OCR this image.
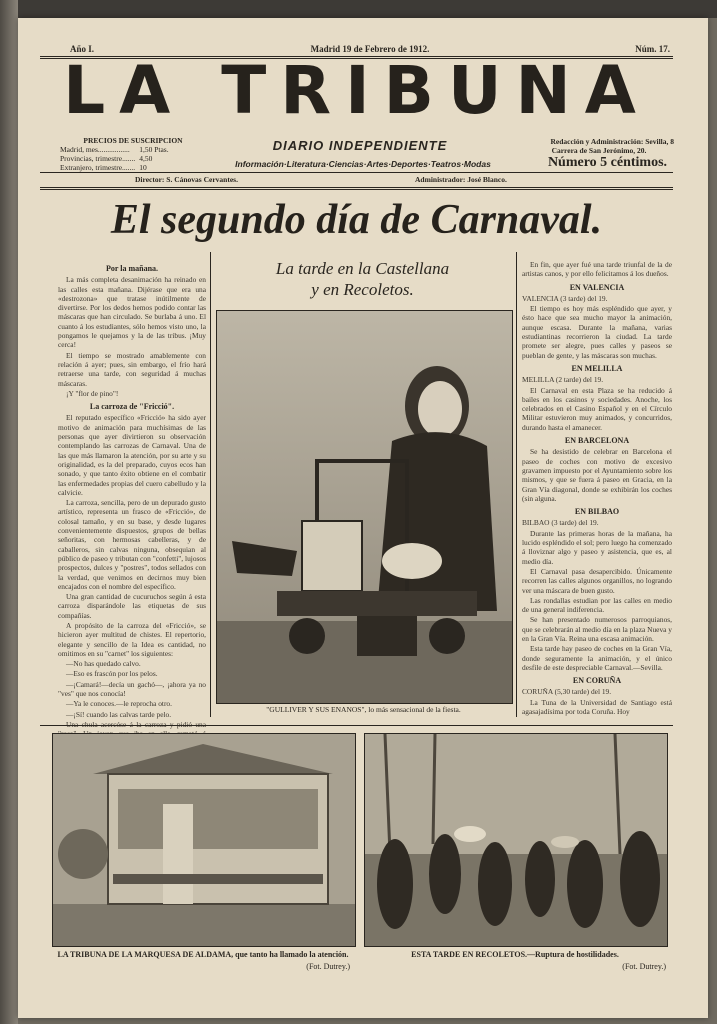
Año I.	Madrid 19 de Febrero de 1912.	Núm. 17.
LA TRIBUNA
PRECIOS DE SUSCRIPCION
Madrid, mes.................	1,50 Ptas.
Provincias, trimestre.......	4,50
Extranjero, trimestre.......	10
DIARIO INDEPENDIENTE
Información·Literatura·Ciencias·Artes·Deportes·Teatros·Modas
Redacción y Administración: Sevilla, 8
Carrera de San Jerónimo, 20.
Número 5 céntimos.
Director: S. Cánovas Cervantes.	Administrador: José Blanco.
El segundo día de Carnaval.
La tarde en la Castellana
y en Recoletos.
Por la mañana.

La más completa desanimación ha reinado en las calles esta mañana. Dijérase que era una «destrozona» que tratase inútilmente de divertirse. Por los dedos hemos podido contar las máscaras que han circulado. Se burlaba á uno. El cuanto á los estudiantes, sólo hemos visto uno, la pongamos le quejamos y la de las tribus. ¡Muy cerca!

El tiempo se mostrado amablemente con relación á ayer; pues, sin embargo, el frío hará retraerse una tarde, con seguridad á muchas máscaras.

¡Y "flor de pino"!

La carroza de "Fricció".

El reputado específico «Fricció» ha sido ayer motivo de animación para muchísimas de las personas que ayer divirtieron su observación contemplando las carrozas de Carnaval. Una de las que más llamaron la atención, por su arte y su originalidad, es la del preparado, cuyos ecos han sonado, y que tanto éxito obtiene en el combatir las enfermedades propias del cuero cabelludo y la calvicie.

La carroza, sencilla, pero de un depurado gusto artístico, representa un frasco de «Fricció», de colosal tamaño, y en su base, y desde lugares convenientemente dispuestos, grupos de bellas señoritas, con hermosas cabelleras, y de caballeros, sin calvas ninguna, obsequian al público de paseo y tributan con "confetti", lujosos prospectos, dulces y "postres", todos sellados con la verdad, que venimos en decirnos muy bien encajados con el nombre del específico.

Una gran cantidad de cucuruchos según á esta carroza disparándole las etiquetas de sus compañías.

A propósito de la carroza del «Fricció», se hicieron ayer multitud de chistes. El repertorio, elegante y sencillo de la Idea es cantidad, no omitimos en su "carnet" los siguientes:

—No has quedado calvo.

—Eso es frascón por los pelos.

—¡Camará!—decía un gachó—, ¡ahora ya no "ves" que nos conocía!

—Ya le conoces.—le reprocha otro.

—¡Sí! cuando las calvas tarde pelo.

Una chula acercóse á la carroza y pidió una

"GULLIVER Y SUS ENANOS", lo más sensacional de la fiesta.

En fin, que ayer fué una tarde triunfal de la de artistas canos, y por ello felicitamos á los dueños.

EN VALENCIA

VALENCIA (3 tarde) del 19.

El tiempo es hoy más espléndido que ayer, y ésto hace que sea mucho mayor la animación, aunque escasa. Durante la mañana, varias estudiantinas recorrieron la ciudad. La tarde promete ser alegre, pues calles y paseos se pueblan de gente, y las máscaras son muchas.

EN MELILLA

MELILLA (2 tarde) del 19.

El Carnaval en esta Plaza se ha reducido á bailes en los casinos y sociedades. Anoche, los celebrados en el Casino Español y en el Círculo Militar estuvieron muy animados, y concurridos, durando hasta el amanecer.

EN BARCELONA

Se ha desistido de celebrar en Barcelona el paseo de coches con motivo de excesivo gravamen impuesto por el Ayuntamiento sobre los mismos, y que se fuera á paseo en Gracia, en la Gran Vía diagonal, donde se exhibirán los coches (sin alguna.

EN BILBAO

BILBAO (3 tarde) del 19.

Durante las primeras horas de la mañana, ha lucido espléndido el sol; pero luego ha comenzado á lloviznar algo y paseo y asistencia, que es, al medio día.

El Carnaval pasa desapercibido. Únicamente recorren las calles algunos organillos, no logrando ver una máscara de buen gusto.

Las rondallas estudian por las calles en medio de una general indiferencia.

Se han presentado numerosos parroquianos, que se celebrarán al medio día en la plaza Nueva y en la Gran Vía. Reina una escasa animación.

Esta tarde hay paseo de coches en la Gran Vía, donde seguramente la animación, y el único desfile de este despreciable Carnaval.—Sevilla.

EN CORUÑA

CORUÑA (5,30 tarde) del 19.

La Tuna de la Universidad de Santiago está agasajadísima por toda Coruña. Hoy

LA TRIBUNA DE LA MARQUESA DE ALDAMA, que tanto ha llamado la atención.
(Fot. Dutrey.)
ESTA TARDE EN RECOLETOS.—Ruptura de hostilidades.
(Fot. Dutrey.)
